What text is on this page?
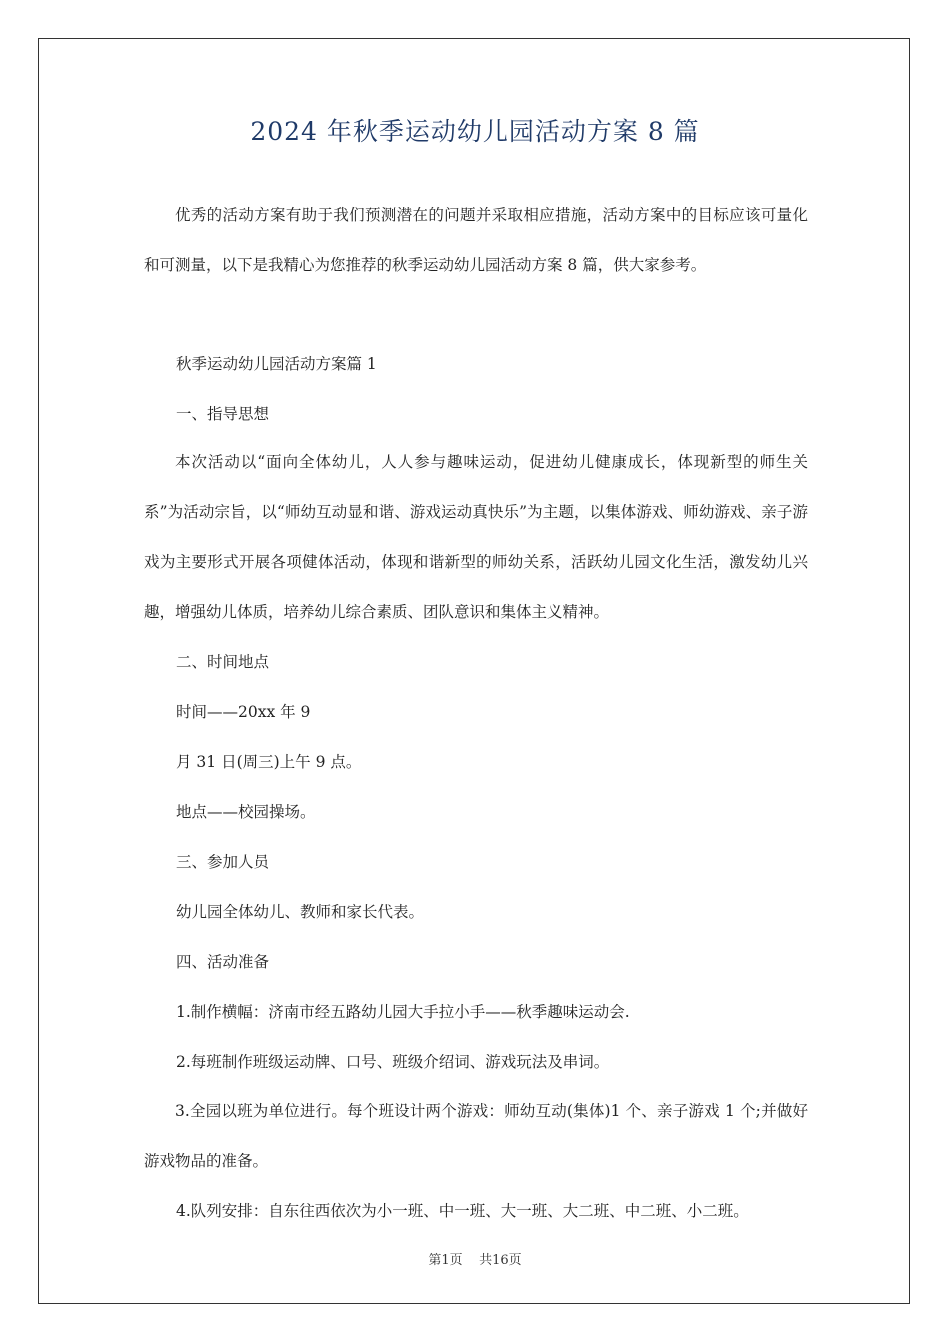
2024 年秋季运动幼儿园活动方案 8 篇
优秀的活动方案有助于我们预测潜在的问题并采取相应措施，活动方案中的目标应该可量化和可测量，以下是我精心为您推荐的秋季运动幼儿园活动方案 8 篇，供大家参考。
秋季运动幼儿园活动方案篇 1
一、指导思想
本次活动以“面向全体幼儿，人人参与趣味运动，促进幼儿健康成长，体现新型的师生关系”为活动宗旨，以“师幼互动显和谐、游戏运动真快乐”为主题，以集体游戏、师幼游戏、亲子游戏为主要形式开展各项健体活动，体现和谐新型的师幼关系，活跃幼儿园文化生活，激发幼儿兴趣，增强幼儿体质，培养幼儿综合素质、团队意识和集体主义精神。
二、时间地点
时间——20xx 年 9
月 31 日(周三)上午 9 点。
地点——校园操场。
三、参加人员
幼儿园全体幼儿、教师和家长代表。
四、活动准备
1.制作横幅：济南市经五路幼儿园大手拉小手——秋季趣味运动会.
2.每班制作班级运动牌、口号、班级介绍词、游戏玩法及串词。
3.全园以班为单位进行。每个班设计两个游戏：师幼互动(集体)1 个、亲子游戏 1 个;并做好游戏物品的准备。
4.队列安排：自东往西依次为小一班、中一班、大一班、大二班、中二班、小二班。
第1页    共16页
